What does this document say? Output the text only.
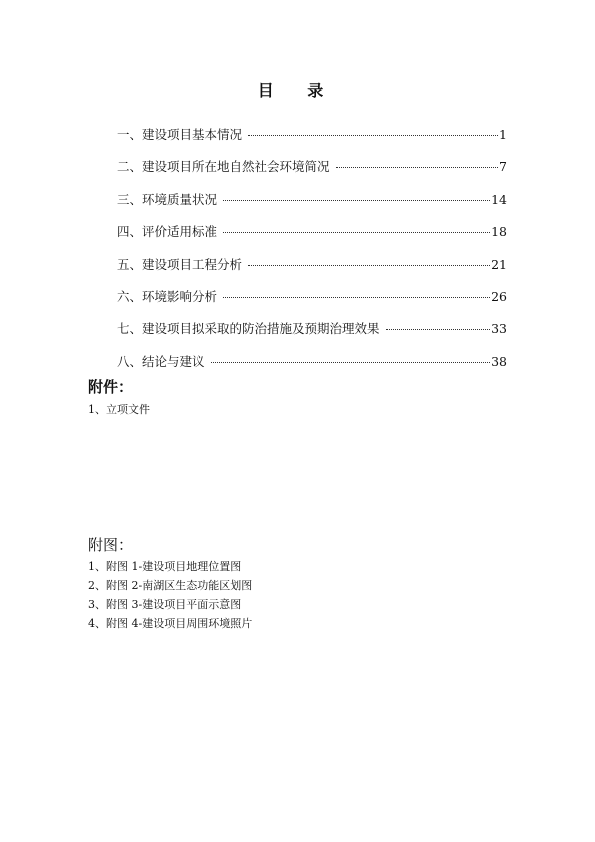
目 录
一、建设项目基本情况	1
二、建设项目所在地自然社会环境简况	7
三、环境质量状况	14
四、评价适用标准	18
五、建设项目工程分析	21
六、环境影响分析	26
七、建设项目拟采取的防治措施及预期治理效果	33
八、结论与建议	38
附件：
1、立项文件
附图：
1、附图 1-建设项目地理位置图
2、附图 2-南湖区生态功能区划图
3、附图 3-建设项目平面示意图
4、附图 4-建设项目周围环境照片
